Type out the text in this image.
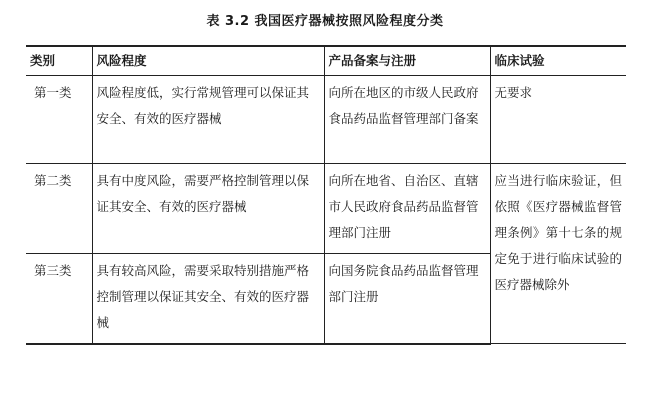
表 3.2 我国医疗器械按照风险程度分类
类别	风险程度	产品备案与注册	临床试验
第一类	风险程度低，实行常规管理可以保证其安全、有效的医疗器械	向所在地区的市级人民政府食品药品监督管理部门备案	无要求
第二类	具有中度风险，需要严格控制管理以保证其安全、有效的医疗器械	向所在地省、自治区、直辖市人民政府食品药品监督管理部门注册	应当进行临床验证，但依照《医疗器械监督管理条例》第十七条的规定免于进行临床试验的医疗器械除外
第三类	具有较高风险，需要采取特别措施严格控制管理以保证其安全、有效的医疗器械	向国务院食品药品监督管理部门注册	
